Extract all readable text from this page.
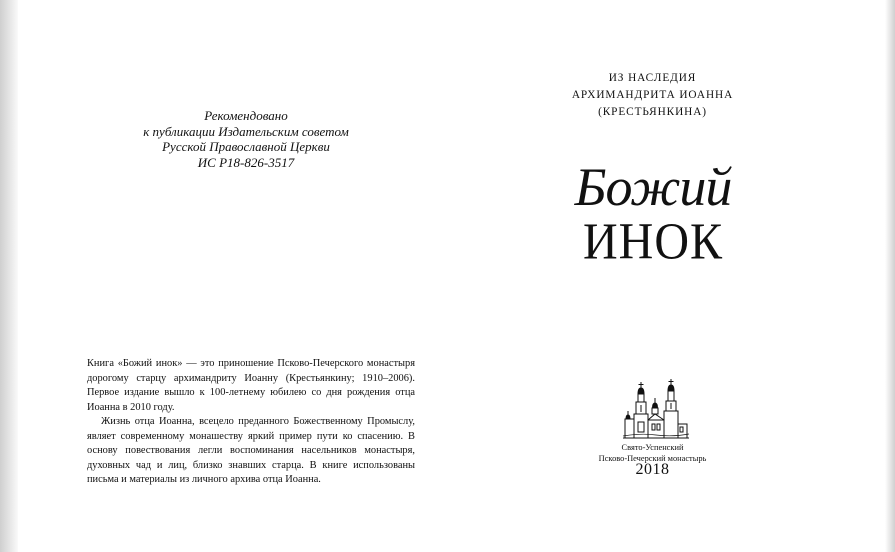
Рекомендовано
к публикации Издательским советом
Русской Православной Церкви
ИС Р18-826-3517

Книга «Божий инок» — это приношение Псково-Печерского монастыря дорогому старцу архимандриту Иоанну (Крестьянкину; 1910–2006). Первое издание вышло к 100-летнему юбилею со дня рождения отца Иоанна в 2010 году.

Жизнь отца Иоанна, всецело преданного Божественному Промыслу, являет современному монашеству яркий пример пути ко спасению. В основу повествования легли воспоминания насельников монастыря, духовных чад и лиц, близко знавших старца. В книге использованы письма и материалы из личного архива отца Иоанна.

ИЗ НАСЛЕДИЯ
АРХИМАНДРИТА ИОАННА
(КРЕСТЬЯНКИНА)
Божий
ИНОК
Свято-Успенский
Псково-Печерский монастырь
2018
